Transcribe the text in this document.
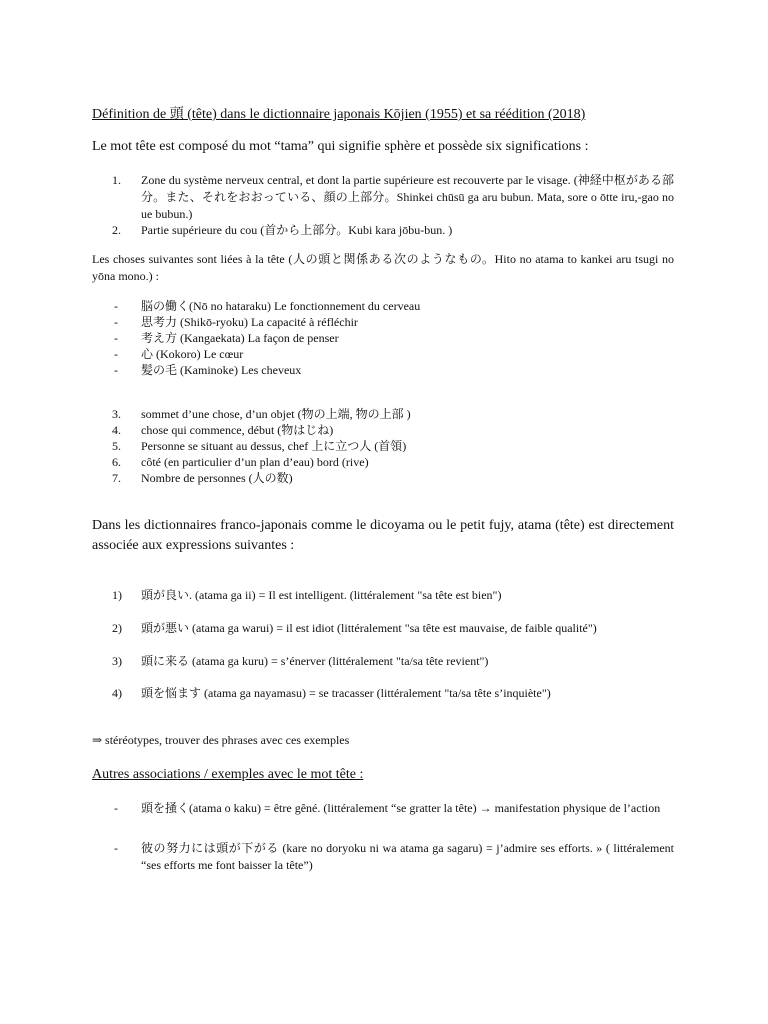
Définition de 頭 (tête) dans le dictionnaire japonais Kōjien (1955) et sa réédition (2018)

Le mot tête est composé du mot “tama” qui signifie sphère et possède six significations :

1.	Zone du système nerveux central, et dont la partie supérieure est recouverte par le visage. (神経中枢がある部分。また、それをおおっている、顔の上部分。Shinkei chūsū ga aru bubun. Mata, sore o ōtte iru,-gao no ue bubun.)
2.	Partie supérieure du cou (首から上部分。Kubi kara jōbu-bun. )

Les choses suivantes sont liées à la tête (人の頭と関係ある次のようなもの。Hito no atama to kankei aru tsugi no yōna mono.) :

- 脳の働く(Nō no hataraku) Le fonctionnement du cerveau
- 思考力 (Shikō-ryoku) La capacité à réfléchir
- 考え方 (Kangaekata) La façon de penser
- 心 (Kokoro) Le cœur
- 髪の毛 (Kaminoke) Les cheveux
3.	sommet d’une chose, d’un objet (物の上端, 物の上部 )
4.	chose qui commence, début (物はじね)
5.	Personne se situant au dessus, chef 上に立つ人 (首領)
6.	côté (en particulier d’un plan d’eau) bord (rive)
7.	Nombre de personnes (人の数)

Dans les dictionnaires franco-japonais comme le dicoyama ou le petit fujy, atama (tête) est directement associée aux expressions suivantes :

1)	頭が良い. (atama ga ii) = Il est intelligent. (littéralement "sa tête est bien")
2)	頭が悪い (atama ga warui) = il est idiot (littéralement "sa tête est mauvaise, de faible qualité")
3)	頭に来る (atama ga kuru) = s’énerver (littéralement "ta/sa tête revient")
4)	頭を悩ます (atama ga nayamasu) = se tracasser (littéralement "ta/sa tête s’inquiète")

⇒ stéréotypes, trouver des phrases avec ces exemples

Autres associations / exemples avec le mot tête :

- 頭を掻く(atama o kaku) = être gêné. (littéralement “se gratter la tête) → manifestation physique de l’action
- 彼の努力には頭が下がる (kare no doryoku ni wa atama ga sagaru) = j’admire ses efforts. » ( littéralement “ses efforts me font baisser la tête”)
